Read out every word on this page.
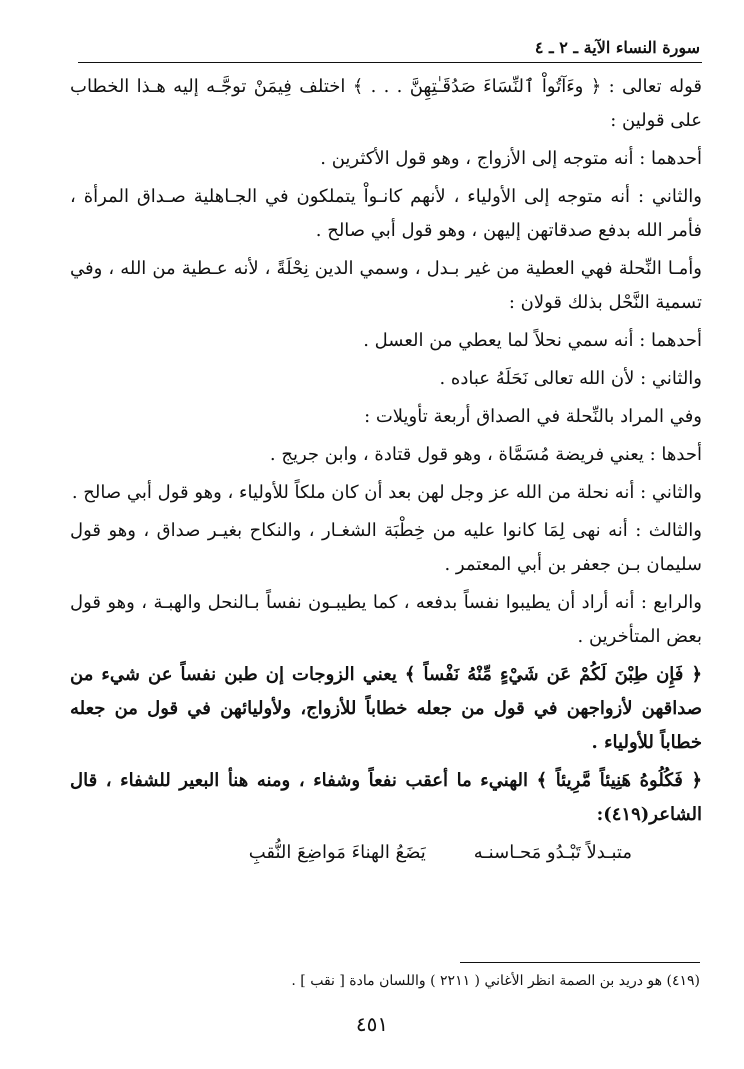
سورة النساء الآية ـ ٢ ـ ٤

قوله تعالى : ﴿ وءَآتُواْ ٱلنِّسَاءَ صَدُقَـٰتِهِنَّ . . . ﴾ اختلف فِيمَنْ توجَّـه إليه هـذا الخطاب على قولين :

أحدهما : أنه متوجه إلى الأزواج ، وهو قول الأكثرين .

والثاني : أنه متوجه إلى الأولياء ، لأنهم كانـواْ يتملكون في الجـاهلية صـداق المرأة ، فأمر الله بدفع صدقاتهن إليهن ، وهو قول أبي صالح .

وأمـا النِّحلة فهي العطية من غير بـدل ، وسمي الدين نِحْلَةً ، لأنه عـطية من الله ، وفي تسمية النَّحْل بذلك قولان :

أحدهما : أنه سمي نحلاً لما يعطي من العسل .

والثاني : لأن الله تعالى نَحَلَهُ عباده .

وفي المراد بالنِّحلة في الصداق أربعة تأويلات :

أحدها : يعني فريضة مُسَمَّاة ، وهو قول قتادة ، وابن جريج .

والثاني : أنه نحلة من الله عز وجل لهن بعد أن كان ملكاً للأولياء ، وهو قول أبي صالح .

والثالث : أنه نهى لِمَا كانوا عليه من خِطْبَة الشغـار ، والنكاح بغيـر صداق ، وهو قول سليمان بـن جعفر بن أبي المعتمر .

والرابع : أنه أراد أن يطيبوا نفساً بدفعه ، كما يطيبـون نفساً بـالنحل والهبـة ، وهو قول بعض المتأخرين .

﴿ فَإِن طِبْنَ لَكُمْ عَن شَيْءٍ مِّنْهُ نَفْساً ﴾ يعني الزوجات إن طبن نفساً عن شيء من صداقهن لأزواجهن في قول من جعله خطاباً للأزواج، ولأوليائهن في قول من جعله خطاباً للأولياء .

﴿ فَكُلُوهُ هَنِيئاً مَّرِيئاً ﴾ الهنيء ما أعقب نفعاً وشفاء ، ومنه هنأ البعير للشفاء ، قال الشاعر(٤١٩):

متبـدلاً تَبْـدُو مَحـاسنـه
يَضَعُ الهناءَ مَواضِعَ النُّقبِ
(٤١٩) هو دريد بن الصمة انظر الأغاني ( ٢٢١١ ) واللسان مادة [ نقب ] .
٤٥١
